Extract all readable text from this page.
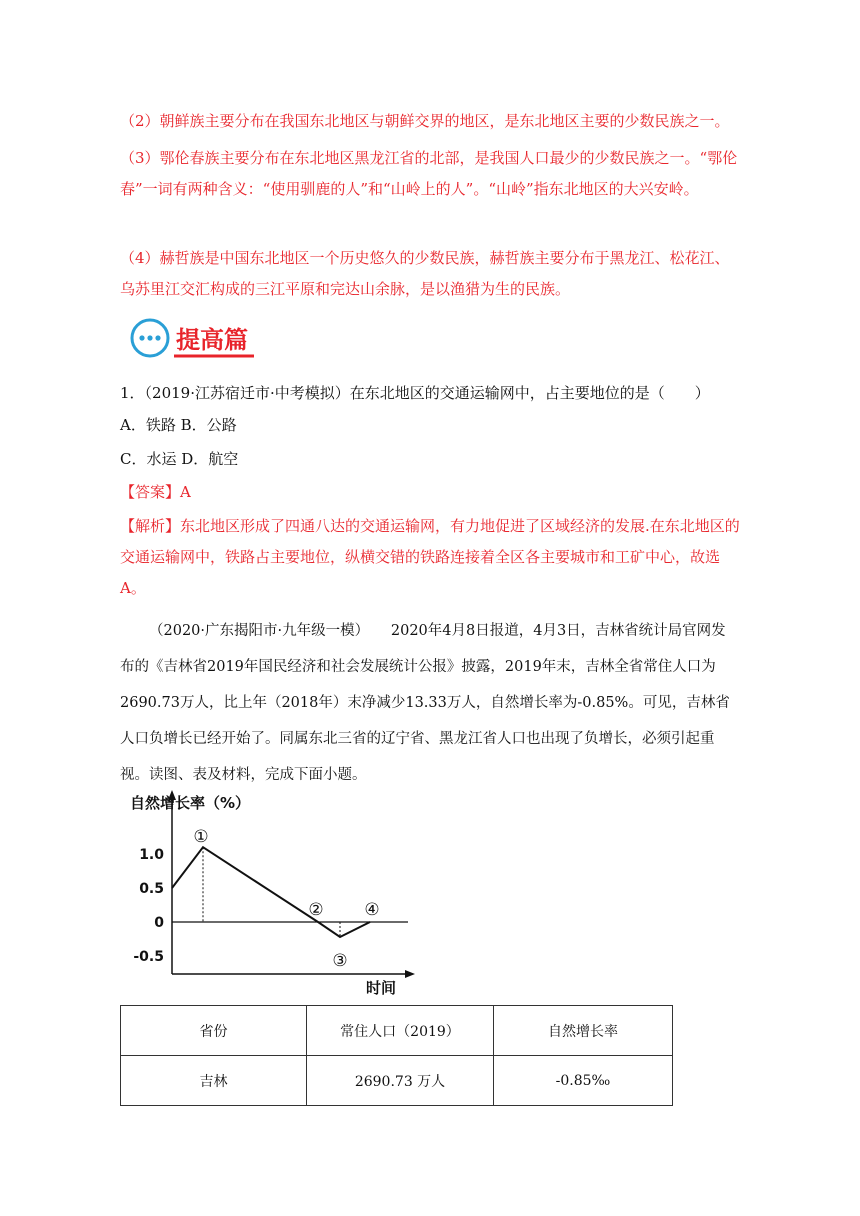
（2）朝鲜族主要分布在我国东北地区与朝鲜交界的地区，是东北地区主要的少数民族之一。
（3）鄂伦春族主要分布在东北地区黑龙江省的北部，是我国人口最少的少数民族之一。“鄂伦春”一词有两种含义：“使用驯鹿的人”和“山岭上的人”。“山岭”指东北地区的大兴安岭。
（4）赫哲族是中国东北地区一个历史悠久的少数民族，赫哲族主要分布于黑龙江、松花江、乌苏里江交汇构成的三江平原和完达山余脉，是以渔猎为生的民族。
提高篇
1．（2019·江苏宿迁市·中考模拟）在东北地区的交通运输网中，占主要地位的是（　　）
A．铁路 B．公路
C．水运 D．航空
【答案】A
【解析】东北地区形成了四通八达的交通运输网，有力地促进了区域经济的发展.在东北地区的交通运输网中，铁路占主要地位，纵横交错的铁路连接着全区各主要城市和工矿中心，故选A。
（2020·广东揭阳市·九年级一模）　　2020年4月8日报道，4月3日，吉林省统计局官网发布的《吉林省2019年国民经济和社会发展统计公报》披露，2019年末，吉林全省常住人口为2690.73万人，比上年（2018年）末净减少13.33万人，自然增长率为-0.85%。可见，吉林省人口负增长已经开始了。同属东北三省的辽宁省、黑龙江省人口也出现了负增长，必须引起重视。读图、表及材料，完成下面小题。
自然增长率（%）
时间
1.0
0.5
0
-0.5
①
②
③
④
省份	常住人口（2019）	自然增长率
吉林	2690.73 万人	-0.85‰
